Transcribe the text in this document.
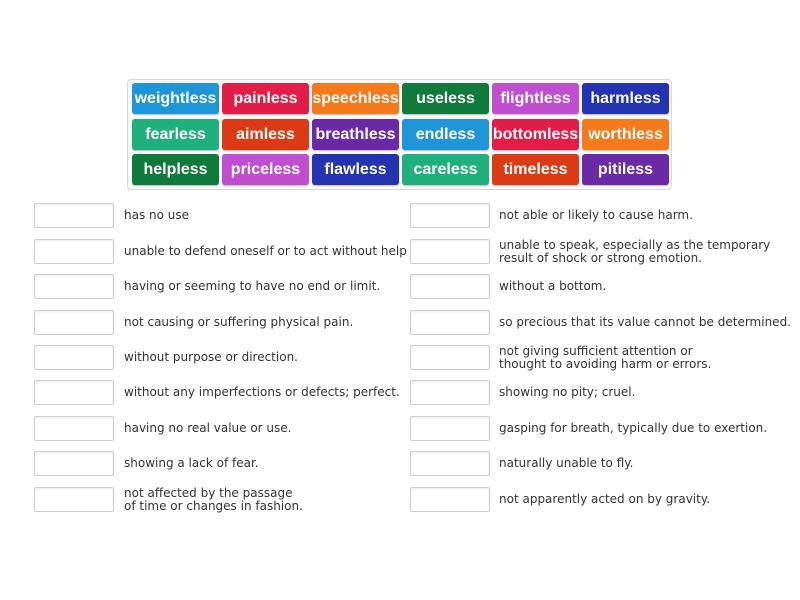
weightless	painless speechless	useless	flightless	harmless
fearless	aimless	breathless	endless	bottomless worthless
helpless	priceless	flawless	careless	timeless	pitiless
has no use
unable to defend oneself or to act without help
having or seeming to have no end or limit.
not causing or suffering physical pain.
without purpose or direction.
without any imperfections or defects; perfect.
having no real value or use.
showing a lack of fear.
not affected by the passage
of time or changes in fashion.
not able or likely to cause harm.
unable to speak, especially as the temporary
result of shock or strong emotion.
without a bottom.
so precious that its value cannot be determined.
not giving sufficient attention or
thought to avoiding harm or errors.
showing no pity; cruel.
gasping for breath, typically due to exertion.
naturally unable to fly.
not apparently acted on by gravity.
